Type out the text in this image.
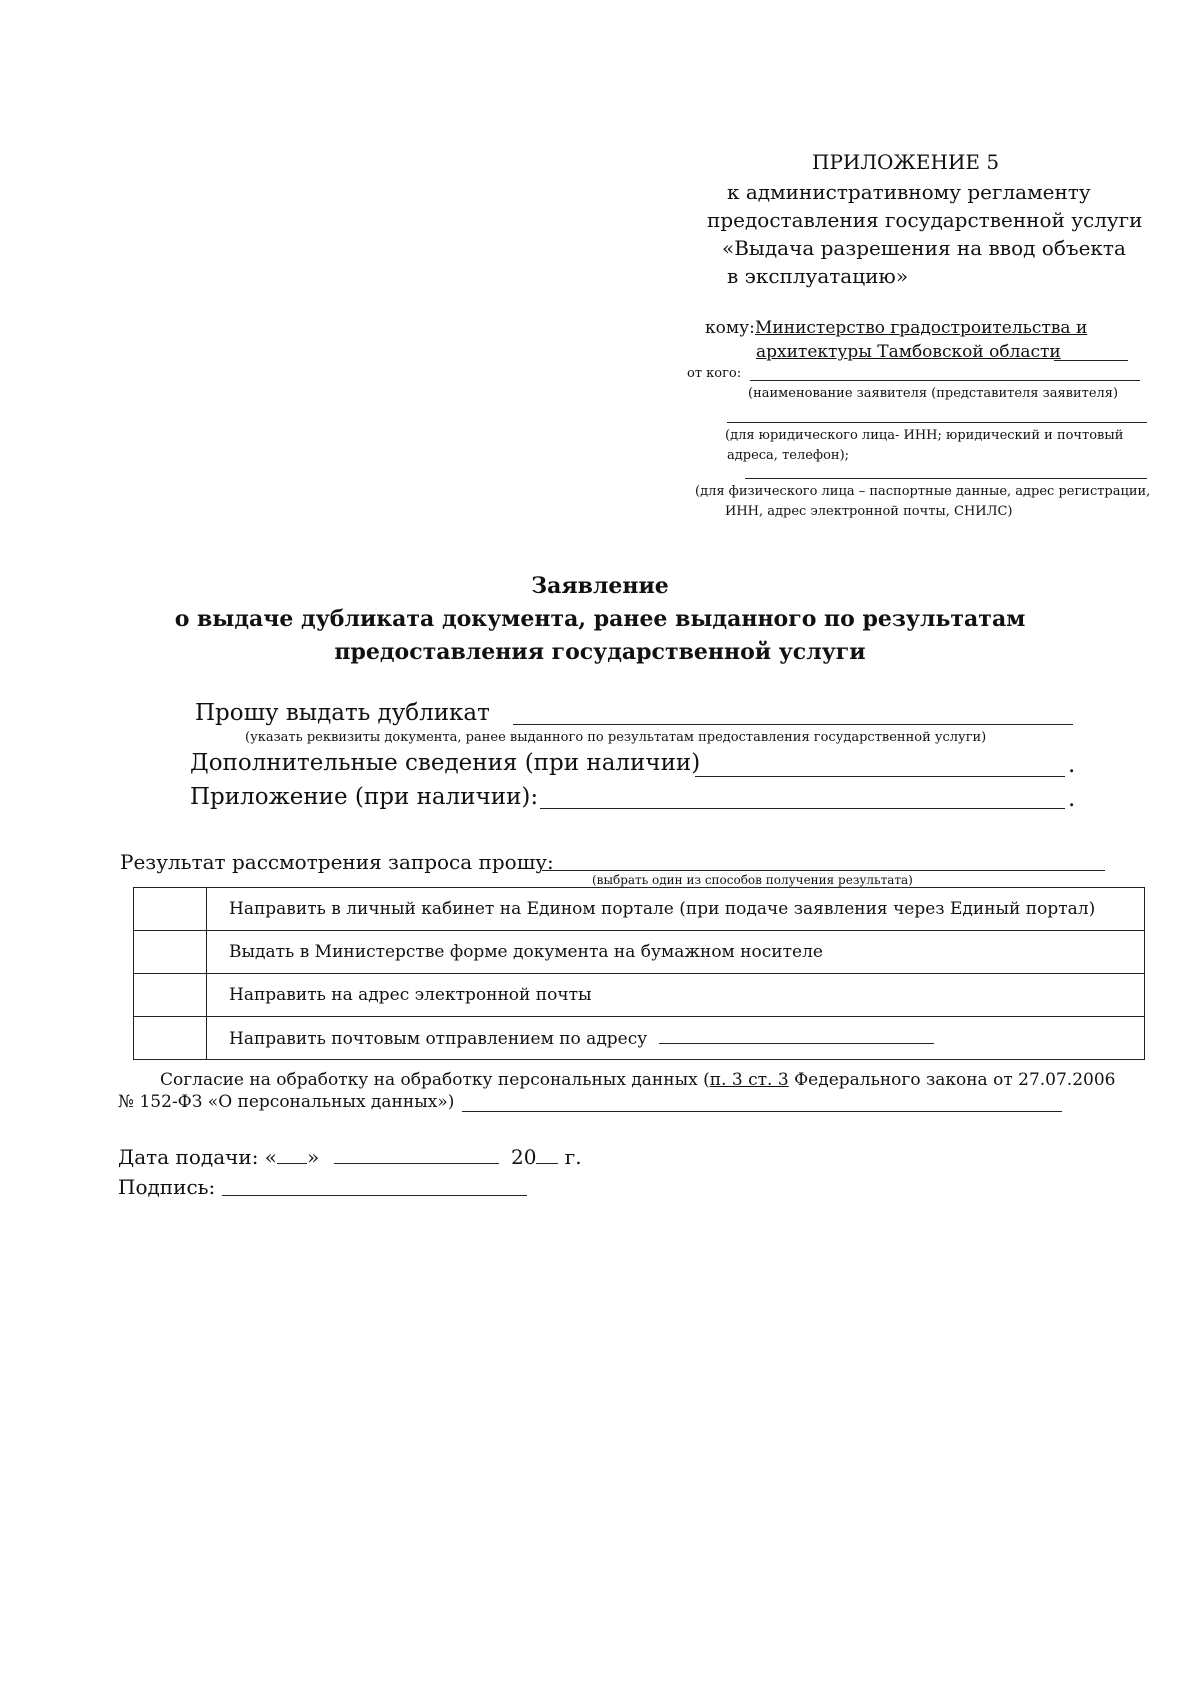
ПРИЛОЖЕНИЕ 5
к административному регламенту
предоставления государственной услуги
«Выдача разрешения на ввод объекта
в эксплуатацию»
кому: Министерство градостроительства и
архитектуры Тамбовской области
от кого:
(наименование заявителя (представителя заявителя)
(для юридического лица- ИНН; юридический и почтовый
адреса, телефон);
(для физического лица – паспортные данные, адрес регистрации,
ИНН, адрес электронной почты, СНИЛС)
Заявление
о выдаче дубликата документа, ранее выданного по результатам
предоставления государственной услуги
Прошу выдать дубликат
(указать реквизиты документа, ранее выданного по результатам предоставления государственной услуги)
Дополнительные сведения (при наличии)	.
Приложение (при наличии):	.
Результат рассмотрения запроса прошу:
(выбрать один из способов получения результата)
	Направить в личный кабинет на Едином портале (при подаче заявления через Единый портал)
	Выдать в Министерстве форме документа на бумажном носителе
	Направить на адрес электронной почты
	Направить почтовым отправлением по адресу
Согласие на обработку на обработку персональных данных (п. 3 ст. 3 Федерального закона от 27.07.2006
№ 152-ФЗ «О персональных данных»)
Дата подачи: « »	20 г.
Подпись:
